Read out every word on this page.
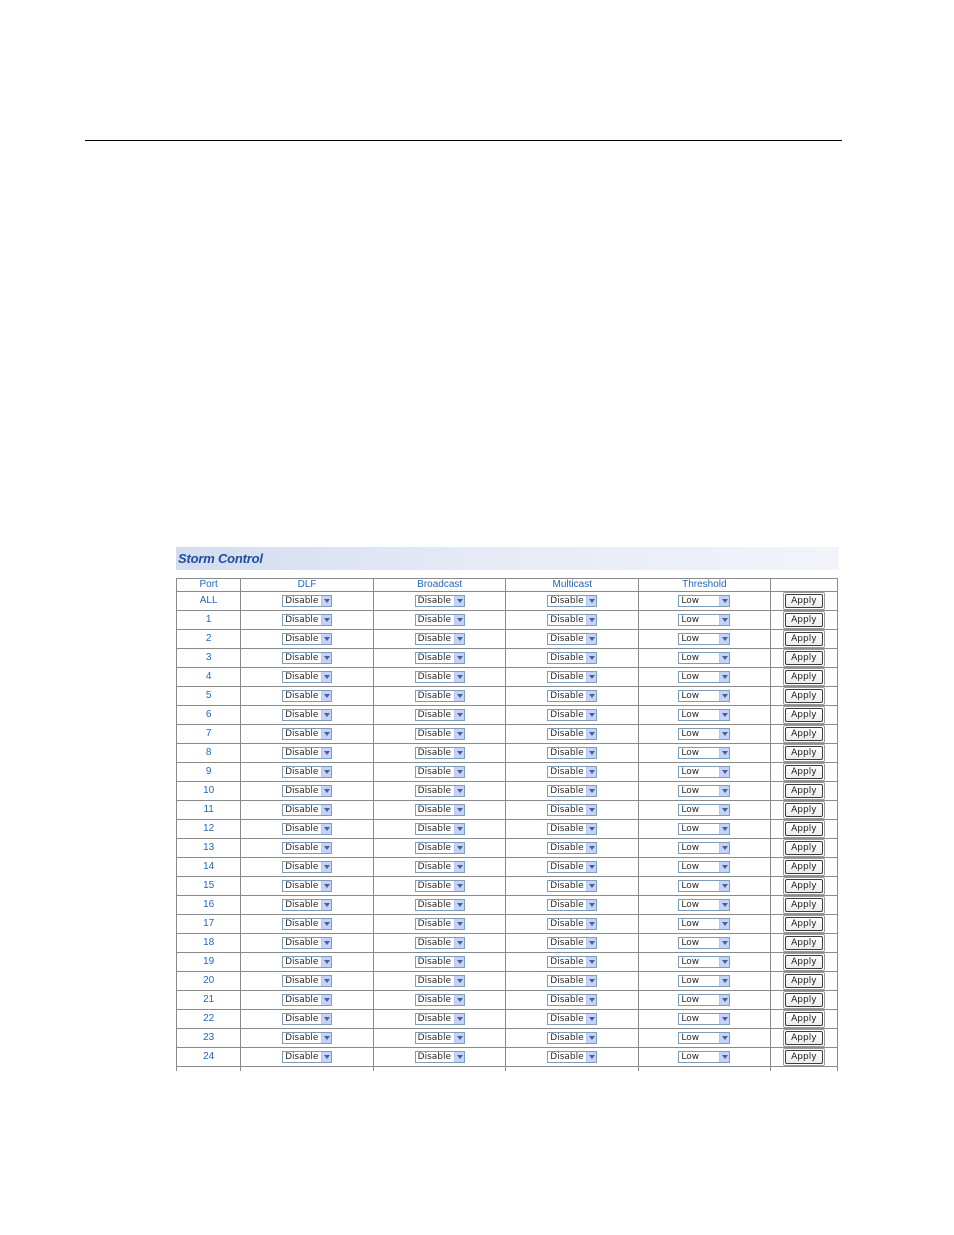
Storm Control
Port	DLF	Broadcast	Multicast	Threshold	
ALL	Disable	Disable	Disable	Low	Apply
1	Disable	Disable	Disable	Low	Apply
2	Disable	Disable	Disable	Low	Apply
3	Disable	Disable	Disable	Low	Apply
4	Disable	Disable	Disable	Low	Apply
5	Disable	Disable	Disable	Low	Apply
6	Disable	Disable	Disable	Low	Apply
7	Disable	Disable	Disable	Low	Apply
8	Disable	Disable	Disable	Low	Apply
9	Disable	Disable	Disable	Low	Apply
10	Disable	Disable	Disable	Low	Apply
11	Disable	Disable	Disable	Low	Apply
12	Disable	Disable	Disable	Low	Apply
13	Disable	Disable	Disable	Low	Apply
14	Disable	Disable	Disable	Low	Apply
15	Disable	Disable	Disable	Low	Apply
16	Disable	Disable	Disable	Low	Apply
17	Disable	Disable	Disable	Low	Apply
18	Disable	Disable	Disable	Low	Apply
19	Disable	Disable	Disable	Low	Apply
20	Disable	Disable	Disable	Low	Apply
21	Disable	Disable	Disable	Low	Apply
22	Disable	Disable	Disable	Low	Apply
23	Disable	Disable	Disable	Low	Apply
24	Disable	Disable	Disable	Low	Apply
